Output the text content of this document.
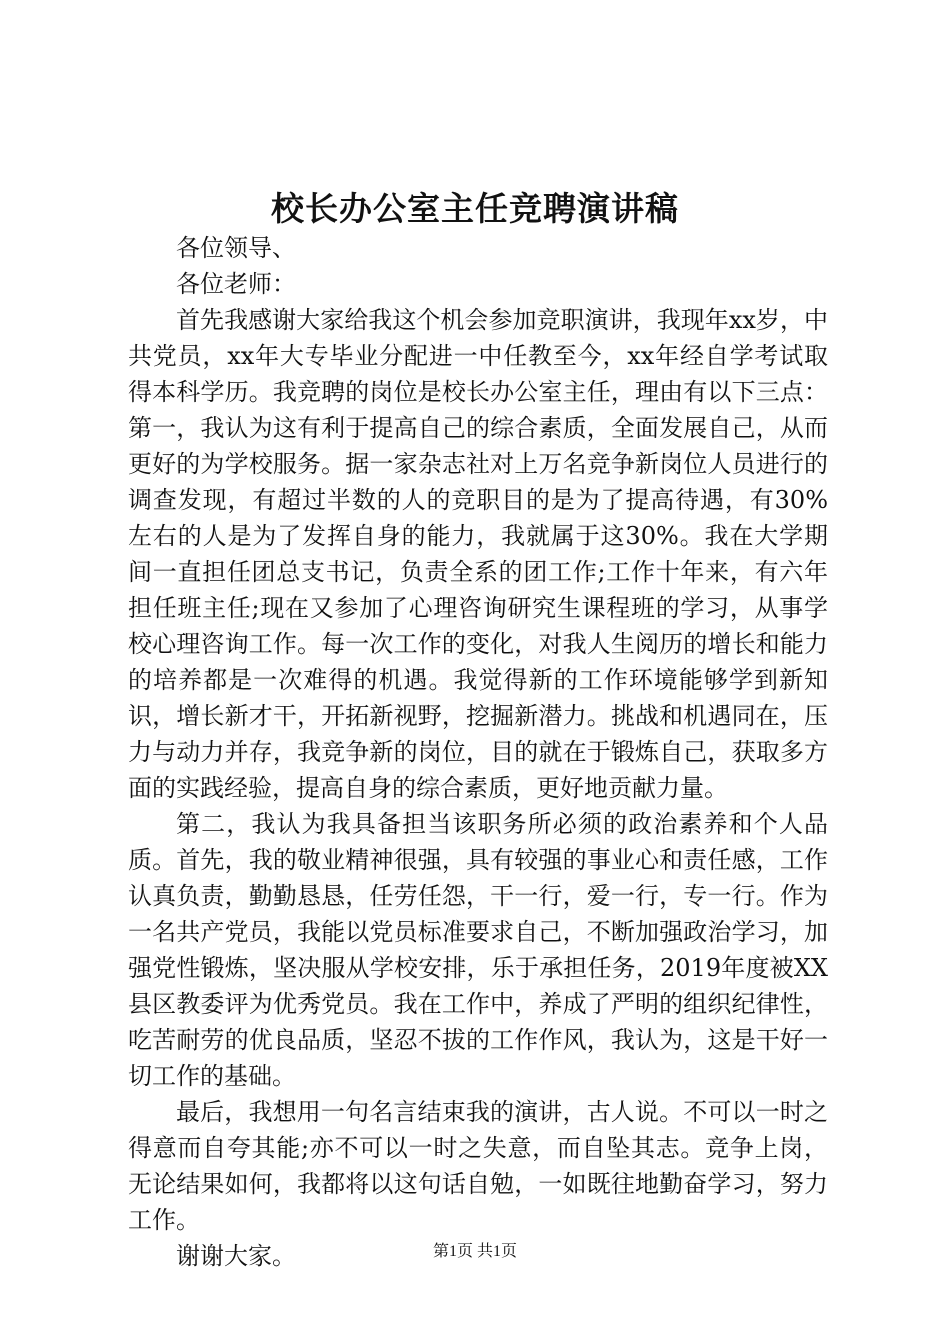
校长办公室主任竞聘演讲稿

各位领导、

各位老师：

首先我感谢大家给我这个机会参加竞职演讲，我现年xx岁，中共党员，xx年大专毕业分配进一中任教至今，xx年经自学考试取得本科学历。我竞聘的岗位是校长办公室主任，理由有以下三点：第一，我认为这有利于提高自己的综合素质，全面发展自己，从而更好的为学校服务。据一家杂志社对上万名竞争新岗位人员进行的调查发现，有超过半数的人的竞职目的是为了提高待遇，有30%左右的人是为了发挥自身的能力，我就属于这30%。我在大学期间一直担任团总支书记，负责全系的团工作;工作十年来，有六年担任班主任;现在又参加了心理咨询研究生课程班的学习，从事学校心理咨询工作。每一次工作的变化，对我人生阅历的增长和能力的培养都是一次难得的机遇。我觉得新的工作环境能够学到新知识，增长新才干，开拓新视野，挖掘新潜力。挑战和机遇同在，压力与动力并存，我竞争新的岗位，目的就在于锻炼自己，获取多方面的实践经验，提高自身的综合素质，更好地贡献力量。

第二，我认为我具备担当该职务所必须的政治素养和个人品质。首先，我的敬业精神很强，具有较强的事业心和责任感，工作认真负责，勤勤恳恳，任劳任怨，干一行，爱一行，专一行。作为一名共产党员，我能以党员标准要求自己，不断加强政治学习，加强党性锻炼，坚决服从学校安排，乐于承担任务，2019年度被XX县区教委评为优秀党员。我在工作中，养成了严明的组织纪律性，吃苦耐劳的优良品质，坚忍不拔的工作作风，我认为，这是干好一切工作的基础。

最后，我想用一句名言结束我的演讲，古人说。不可以一时之得意而自夸其能;亦不可以一时之失意，而自坠其志。竞争上岗，无论结果如何，我都将以这句话自勉，一如既往地勤奋学习，努力工作。

谢谢大家。	第1页 共1页
